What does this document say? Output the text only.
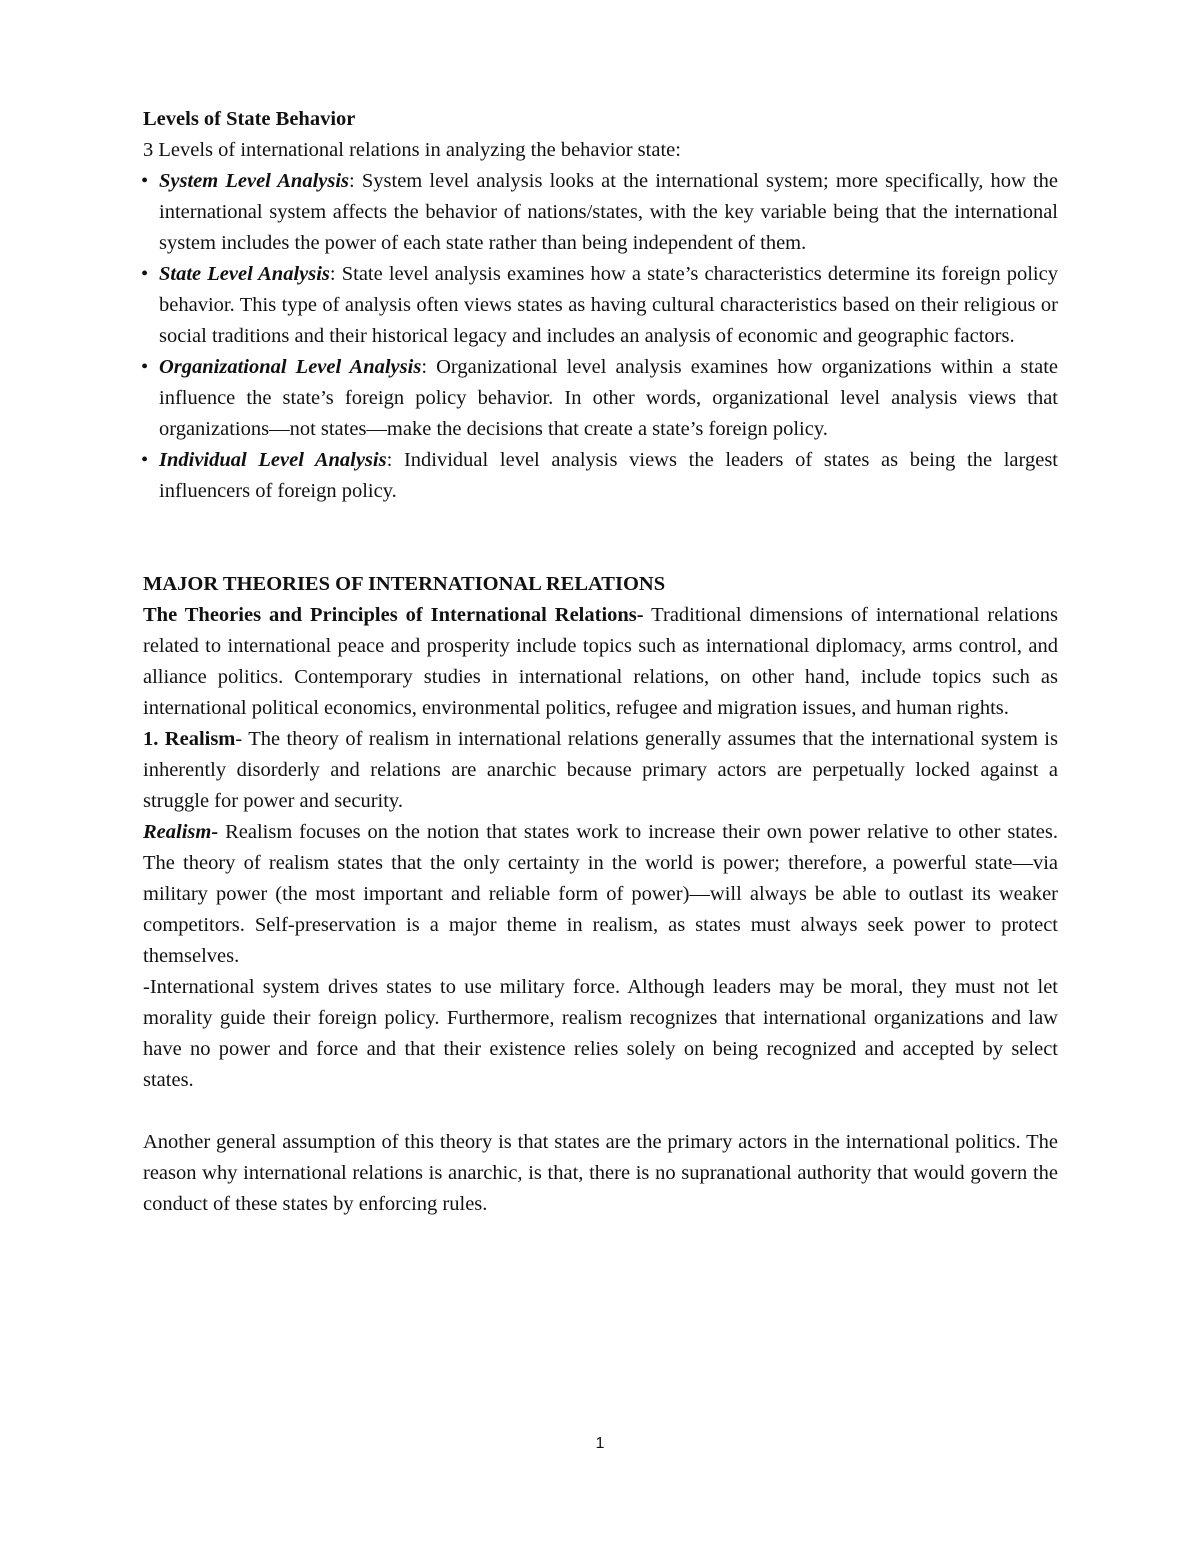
Levels of State Behavior

3 Levels of international relations in analyzing the behavior state:

• System Level Analysis: System level analysis looks at the international system; more specifically, how the international system affects the behavior of nations/states, with the key variable being that the international system includes the power of each state rather than being independent of them.
• State Level Analysis: State level analysis examines how a state’s characteristics determine its foreign policy behavior. This type of analysis often views states as having cultural characteristics based on their religious or social traditions and their historical legacy and includes an analysis of economic and geographic factors.
• Organizational Level Analysis: Organizational level analysis examines how organizations within a state influence the state’s foreign policy behavior. In other words, organizational level analysis views that organizations—not states—make the decisions that create a state’s foreign policy.
• Individual Level Analysis: Individual level analysis views the leaders of states as being the largest influencers of foreign policy.

MAJOR THEORIES OF INTERNATIONAL RELATIONS

The Theories and Principles of International Relations- Traditional dimensions of international relations related to international peace and prosperity include topics such as international diplomacy, arms control, and alliance politics. Contemporary studies in international relations, on other hand, include topics such as international political economics, environmental politics, refugee and migration issues, and human rights.

1. Realism- The theory of realism in international relations generally assumes that the international system is inherently disorderly and relations are anarchic because primary actors are perpetually locked against a struggle for power and security.

Realism- Realism focuses on the notion that states work to increase their own power relative to other states. The theory of realism states that the only certainty in the world is power; therefore, a powerful state—via military power (the most important and reliable form of power)—will always be able to outlast its weaker competitors. Self-preservation is a major theme in realism, as states must always seek power to protect themselves.

-International system drives states to use military force. Although leaders may be moral, they must not let morality guide their foreign policy. Furthermore, realism recognizes that international organizations and law have no power and force and that their existence relies solely on being recognized and accepted by select states.

Another general assumption of this theory is that states are the primary actors in the international politics. The reason why international relations is anarchic, is that, there is no supranational authority that would govern the conduct of these states by enforcing rules.

1
